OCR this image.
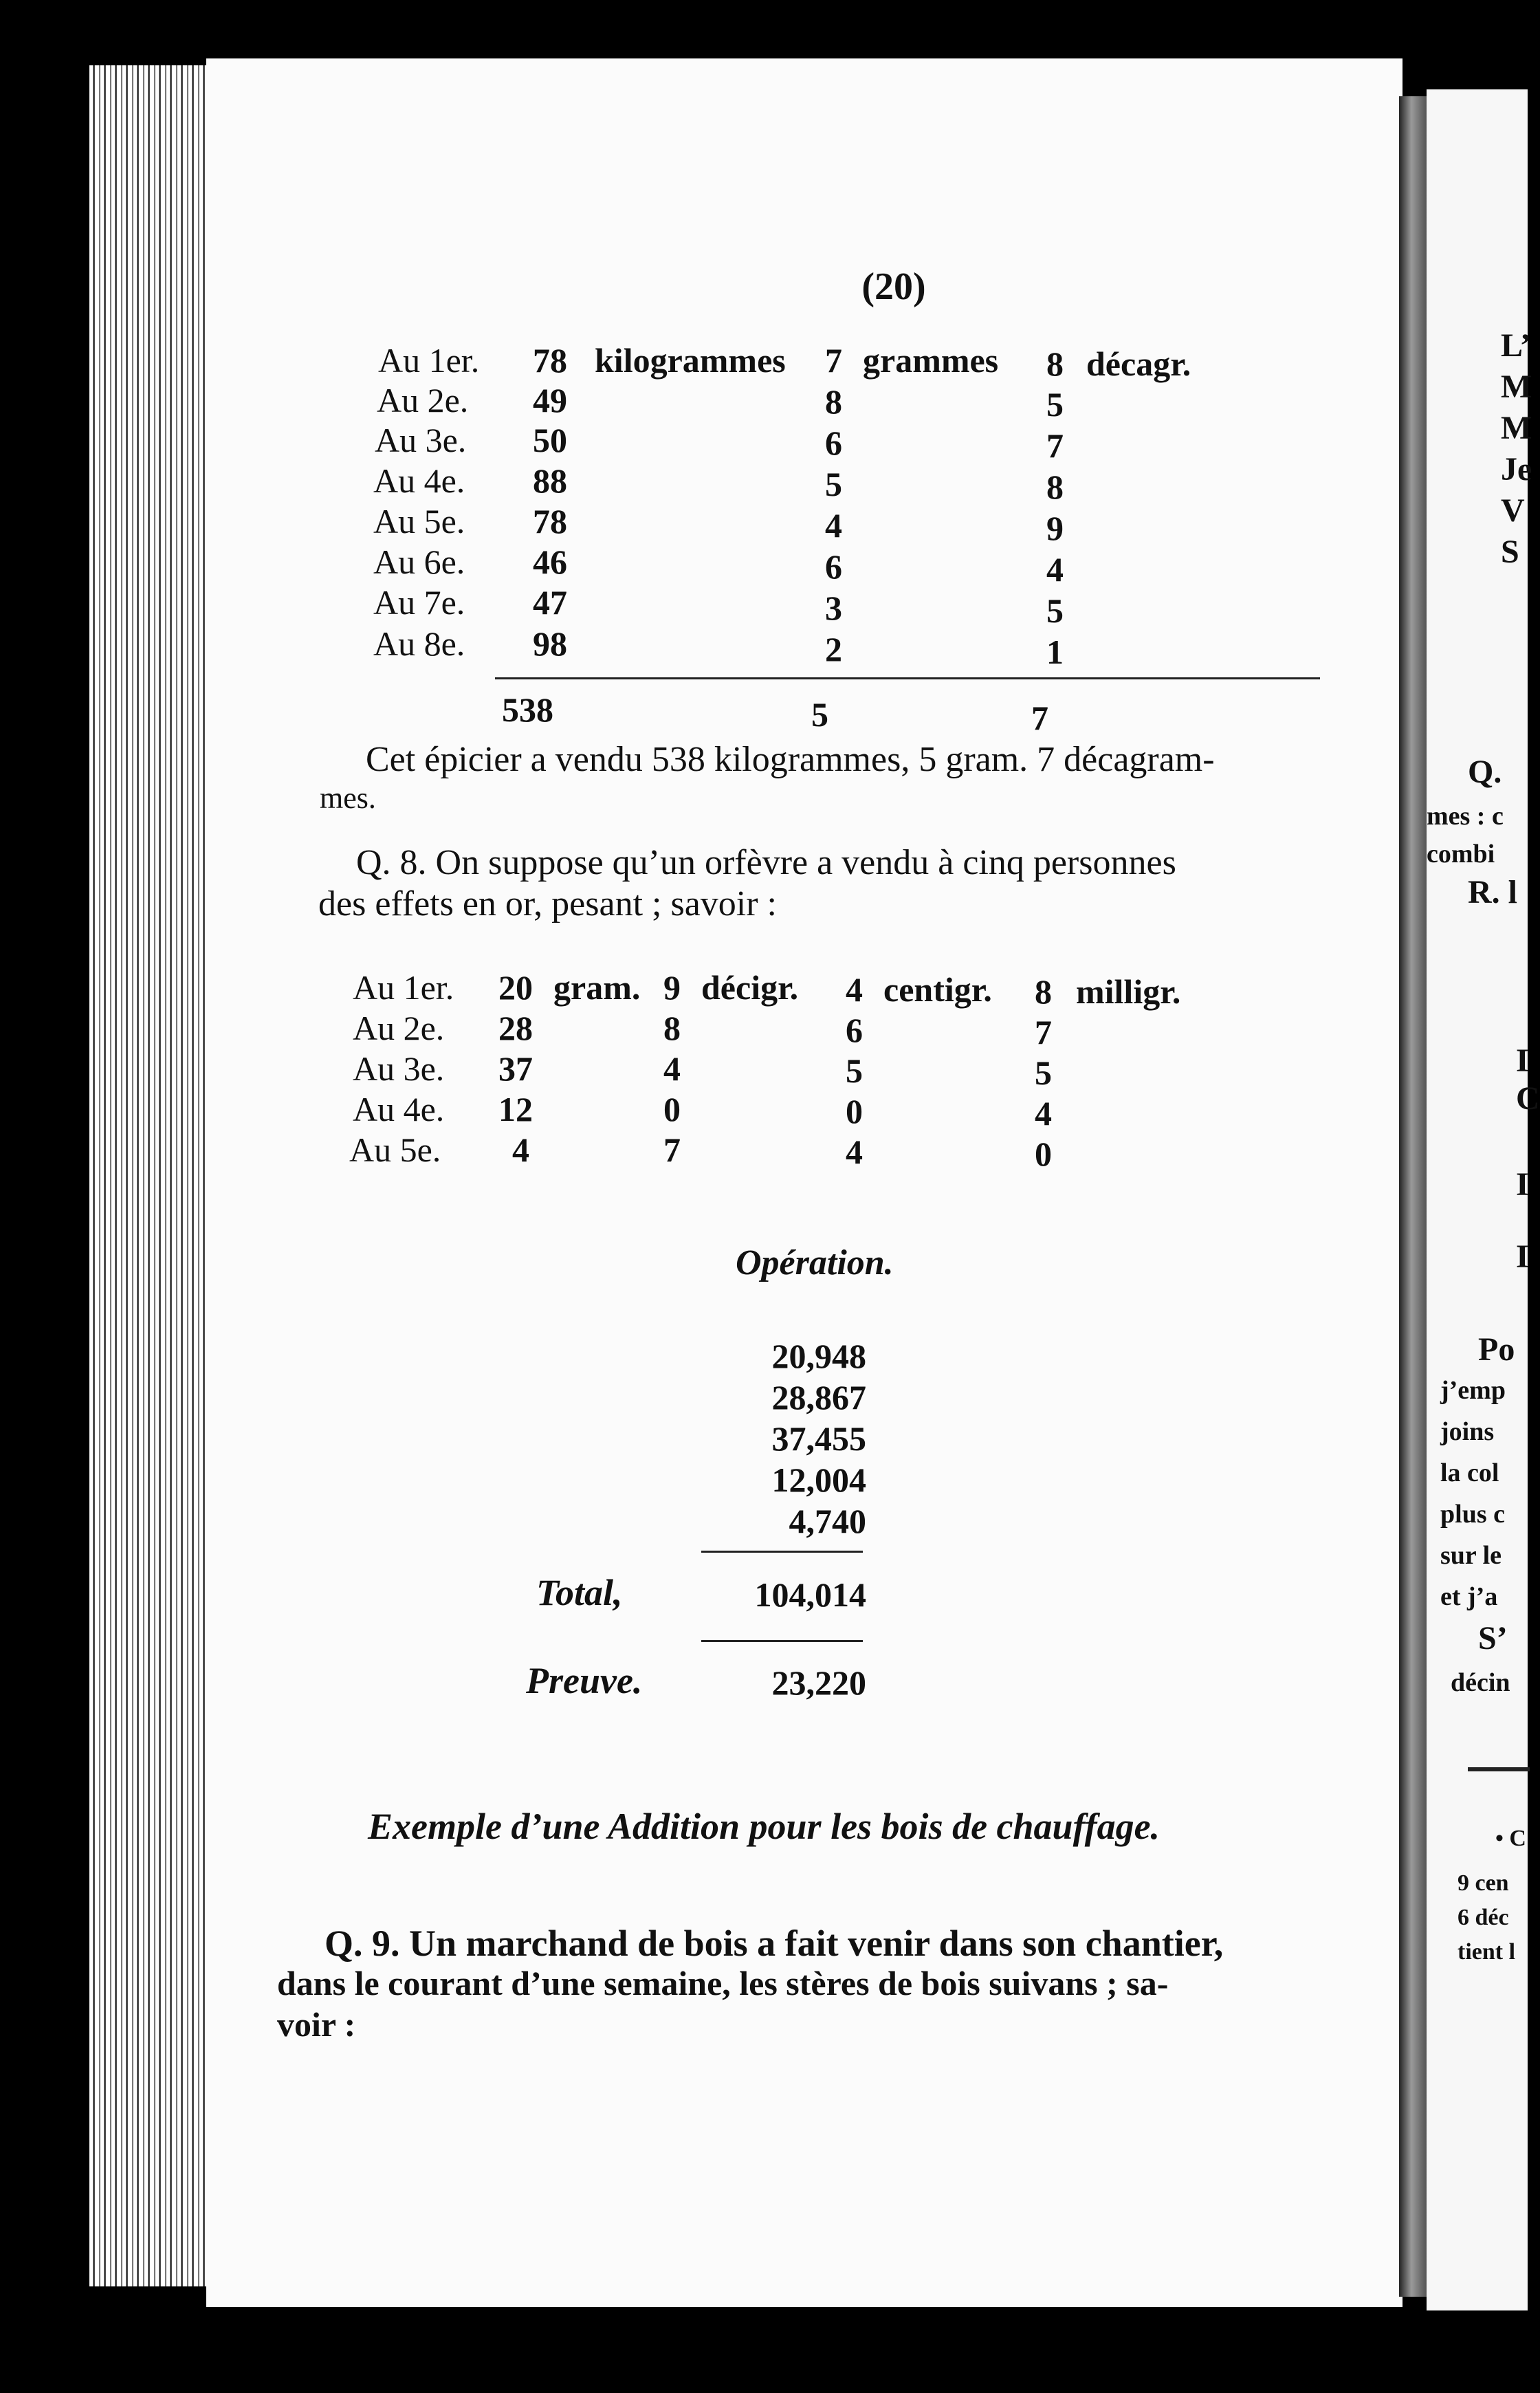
(20)
Au 1er. 78 kilogrammes 7 grammes 8 décagr.
Au 2e. 49	8	5
Au 3e. 50	6	7
Au 4e. 88	5	8
Au 5e. 78	4	9
Au 6e. 46	6	4
Au 7e. 47	3	5
Au 8e. 98	2	1
538	5	7
Cet épicier a vendu 538 kilogrammes, 5 gram. 7 décagram-
mes.
Q. 8. On suppose qu’un orfèvre a vendu à cinq personnes
des effets en or, pesant ; savoir :
Au 1er. 20 gram. 9 décigr. 4 centigr. 8 milligr.
Au 2e. 28	8	6	7
Au 3e. 37	4	5	5
Au 4e. 12	0	0	4
Au 5e. 4	7	4	0
Opération.
20,948
28,867
37,455
12,004
4,740
Total,	104,014
Preuve.	23,220
Exemple d’une Addition pour les bois de chauffage.
Q. 9. Un marchand de bois a fait venir dans son chantier,
dans le courant d’une semaine, les stères de bois suivans ; sa-
voir :
L’
M
M
Je
V
S
Q.
mes : c
combi
R. l
I
C
I
I
Po
j’emp
joins
la col
plus c
sur le
et j’a
S’
décin
• C
9 cen
6 déc
tient l
